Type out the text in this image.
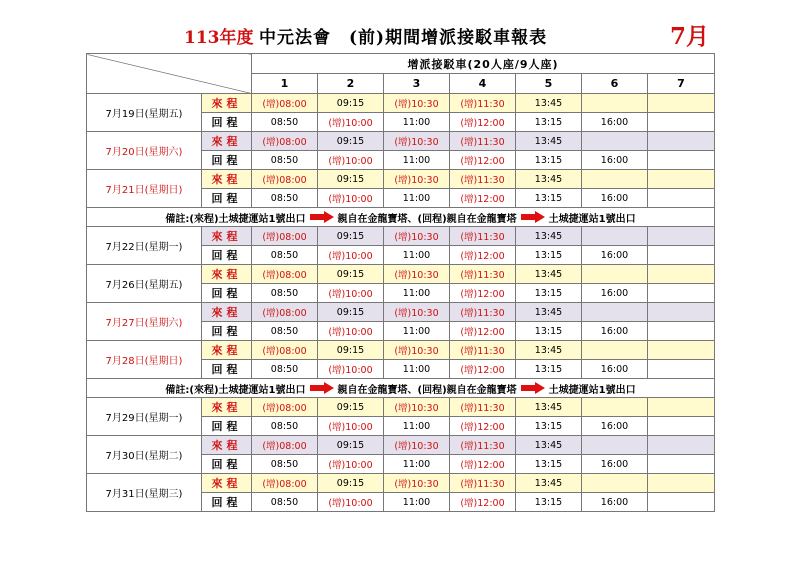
113年度 中元法會　(前)期間增派接駁車報表	7月
		增派接駁車(20人座/9人座)						
		1	2	3	4	5	6	7
7月19日(星期五)	來程	(增)08:00	09:15	(增)10:30	(增)11:30	13:45		
	回程	08:50	(增)10:00	11:00	(增)12:00	13:15	16:00	
7月20日(星期六)	來程	(增)08:00	09:15	(增)10:30	(增)11:30	13:45		
	回程	08:50	(增)10:00	11:00	(增)12:00	13:15	16:00	
7月21日(星期日)	來程	(增)08:00	09:15	(增)10:30	(增)11:30	13:45		
	回程	08:50	(增)10:00	11:00	(增)12:00	13:15	16:00	
備註:(來程)土城捷運站1號出口 親自在金龍寶塔、(回程)親自在金龍寶塔 土城捷運站1號出口								
7月22日(星期一)	來程	(增)08:00	09:15	(增)10:30	(增)11:30	13:45		
	回程	08:50	(增)10:00	11:00	(增)12:00	13:15	16:00	
7月26日(星期五)	來程	(增)08:00	09:15	(增)10:30	(增)11:30	13:45		
	回程	08:50	(增)10:00	11:00	(增)12:00	13:15	16:00	
7月27日(星期六)	來程	(增)08:00	09:15	(增)10:30	(增)11:30	13:45		
	回程	08:50	(增)10:00	11:00	(增)12:00	13:15	16:00	
7月28日(星期日)	來程	(增)08:00	09:15	(增)10:30	(增)11:30	13:45		
	回程	08:50	(增)10:00	11:00	(增)12:00	13:15	16:00	
備註:(來程)土城捷運站1號出口 親自在金龍寶塔、(回程)親自在金龍寶塔 土城捷運站1號出口								
7月29日(星期一)	來程	(增)08:00	09:15	(增)10:30	(增)11:30	13:45		
	回程	08:50	(增)10:00	11:00	(增)12:00	13:15	16:00	
7月30日(星期二)	來程	(增)08:00	09:15	(增)10:30	(增)11:30	13:45		
	回程	08:50	(增)10:00	11:00	(增)12:00	13:15	16:00	
7月31日(星期三)	來程	(增)08:00	09:15	(增)10:30	(增)11:30	13:45		
	回程	08:50	(增)10:00	11:00	(增)12:00	13:15	16:00	
